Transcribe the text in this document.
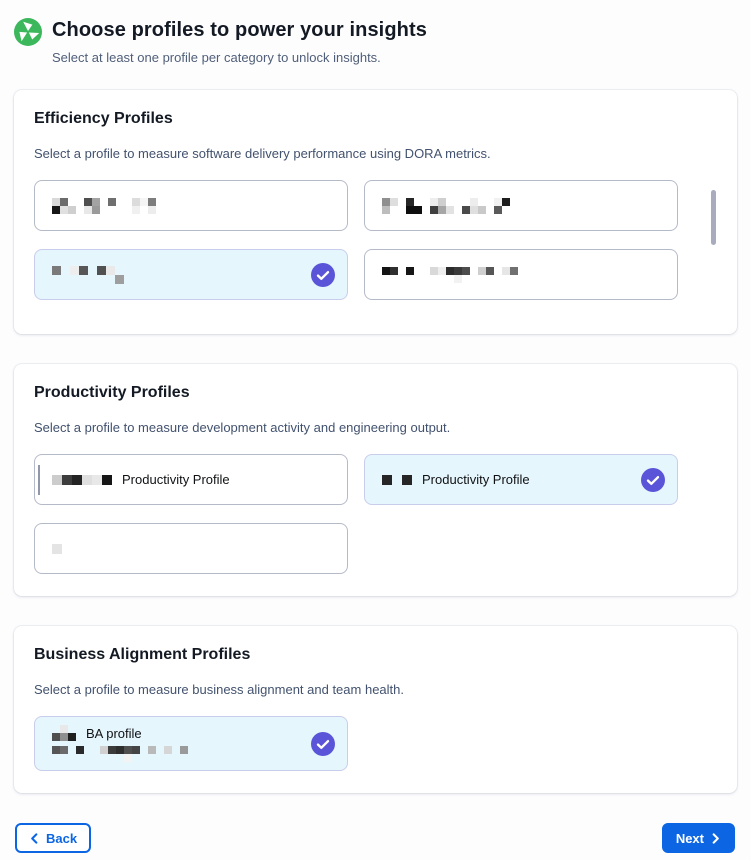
Choose profiles to power your insights

Select at least one profile per category to unlock insights.

Efficiency Profiles

Select a profile to measure software delivery performance using DORA metrics.

Productivity Profiles

Select a profile to measure development activity and engineering output.

Productivity Profile	Productivity Profile
Business Alignment Profiles

Select a profile to measure business alignment and team health.

BA profile
Back	Next
